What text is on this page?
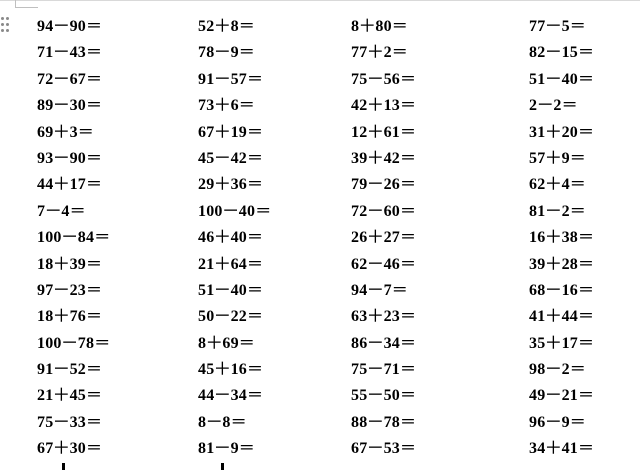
94－90＝	52＋8＝	8＋80＝	77－5＝
71－43＝	78－9＝	77＋2＝	82－15＝
72－67＝	91－57＝	75－56＝	51－40＝
89－30＝	73＋6＝	42＋13＝	2－2＝
69＋3＝	67＋19＝	12＋61＝	31＋20＝
93－90＝	45－42＝	39＋42＝	57＋9＝
44＋17＝	29＋36＝	79－26＝	62＋4＝
7－4＝	100－40＝	72－60＝	81－2＝
100－84＝	46＋40＝	26＋27＝	16＋38＝
18＋39＝	21＋64＝	62－46＝	39＋28＝
97－23＝	51－40＝	94－7＝	68－16＝
18＋76＝	50－22＝	63＋23＝	41＋44＝
100－78＝	8＋69＝	86－34＝	35＋17＝
91－52＝	45＋16＝	75－71＝	98－2＝
21＋45＝	44－34＝	55－50＝	49－21＝
75－33＝	8－8＝	88－78＝	96－9＝
67＋30＝	81－9＝	67－53＝	34＋41＝
